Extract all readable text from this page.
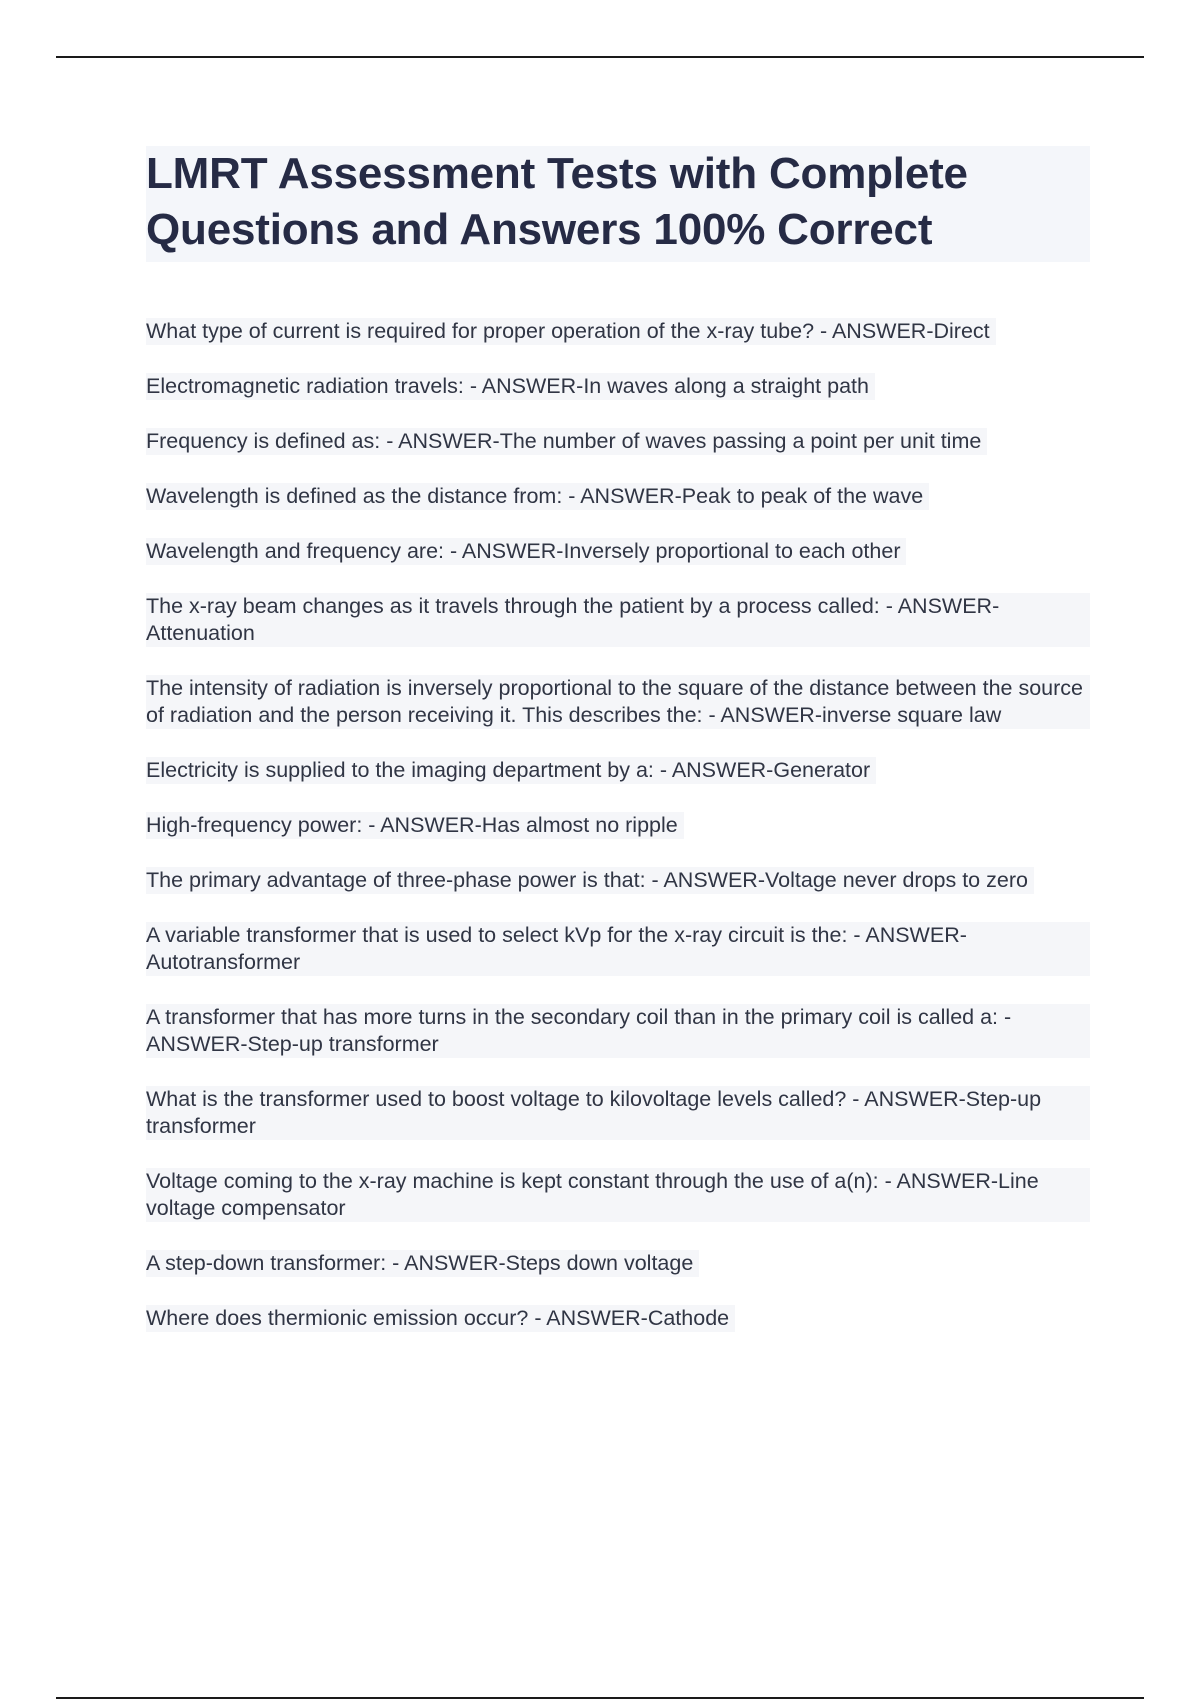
LMRT Assessment Tests with Complete Questions and Answers 100% Correct
What type of current is required for proper operation of the x-ray tube? - ANSWER-Direct
Electromagnetic radiation travels: - ANSWER-In waves along a straight path
Frequency is defined as: - ANSWER-The number of waves passing a point per unit time
Wavelength is defined as the distance from: - ANSWER-Peak to peak of the wave
Wavelength and frequency are: - ANSWER-Inversely proportional to each other
The x-ray beam changes as it travels through the patient by a process called: - ANSWER-Attenuation
The intensity of radiation is inversely proportional to the square of the distance between the source of radiation and the person receiving it. This describes the: - ANSWER-inverse square law
Electricity is supplied to the imaging department by a: - ANSWER-Generator
High-frequency power: - ANSWER-Has almost no ripple
The primary advantage of three-phase power is that: - ANSWER-Voltage never drops to zero
A variable transformer that is used to select kVp for the x-ray circuit is the: - ANSWER-Autotransformer
A transformer that has more turns in the secondary coil than in the primary coil is called a: - ANSWER-Step-up transformer
What is the transformer used to boost voltage to kilovoltage levels called? - ANSWER-Step-up transformer
Voltage coming to the x-ray machine is kept constant through the use of a(n): - ANSWER-Line voltage compensator
A step-down transformer: - ANSWER-Steps down voltage
Where does thermionic emission occur? - ANSWER-Cathode
